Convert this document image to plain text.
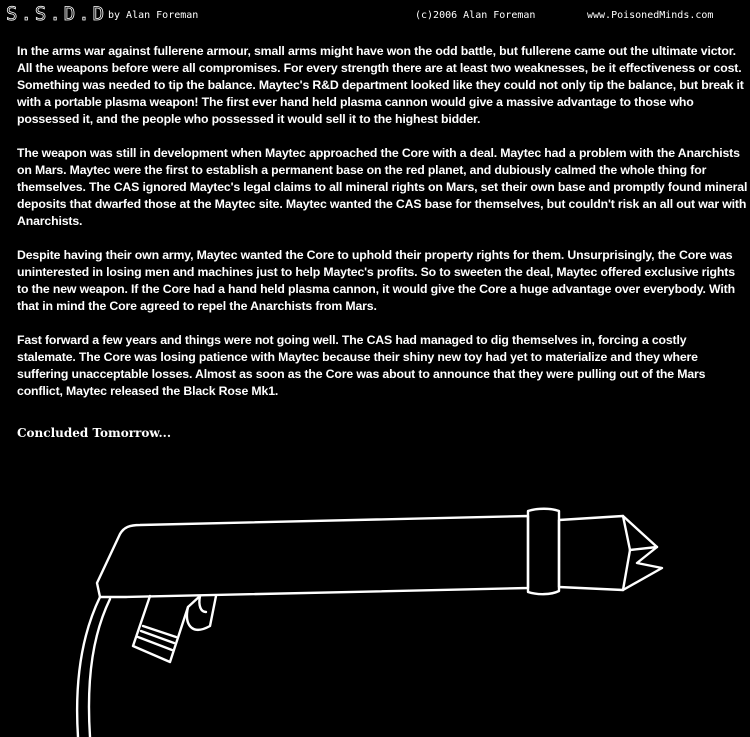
S.S.D.D by Alan Foreman	(c)2006 Alan Foreman	www.PoisonedMinds.com

In the arms war against fullerene armour, small arms might have won the odd battle, but fullerene came out the ultimate victor. All the weapons before were all compromises. For every strength there are at least two weaknesses, be it effectiveness or cost. Something was needed to tip the balance. Maytec's R&D department looked like they could not only tip the balance, but break it with a portable plasma weapon! The first ever hand held plasma cannon would give a massive advantage to those who possessed it, and the people who possessed it would sell it to the highest bidder.

The weapon was still in development when Maytec approached the Core with a deal. Maytec had a problem with the Anarchists on Mars. Maytec were the first to establish a permanent base on the red planet, and dubiously calmed the whole thing for themselves. The CAS ignored Maytec's legal claims to all mineral rights on Mars, set their own base and promptly found mineral deposits that dwarfed those at the Maytec site. Maytec wanted the CAS base for themselves, but couldn't risk an all out war with Anarchists.

Despite having their own army, Maytec wanted the Core to uphold their property rights for them. Unsurprisingly, the Core was uninterested in losing men and machines just to help Maytec's profits. So to sweeten the deal, Maytec offered exclusive rights to the new weapon. If the Core had a hand held plasma cannon, it would give the Core a huge advantage over everybody. With that in mind the Core agreed to repel the Anarchists from Mars.

Fast forward a few years and things were not going well. The CAS had managed to dig themselves in, forcing a costly stalemate. The Core was losing patience with Maytec because their shiny new toy had yet to materialize and they where suffering unacceptable losses. Almost as soon as the Core was about to announce that they were pulling out of the Mars conflict, Maytec released the Black Rose Mk1.

Concluded Tomorrow...
